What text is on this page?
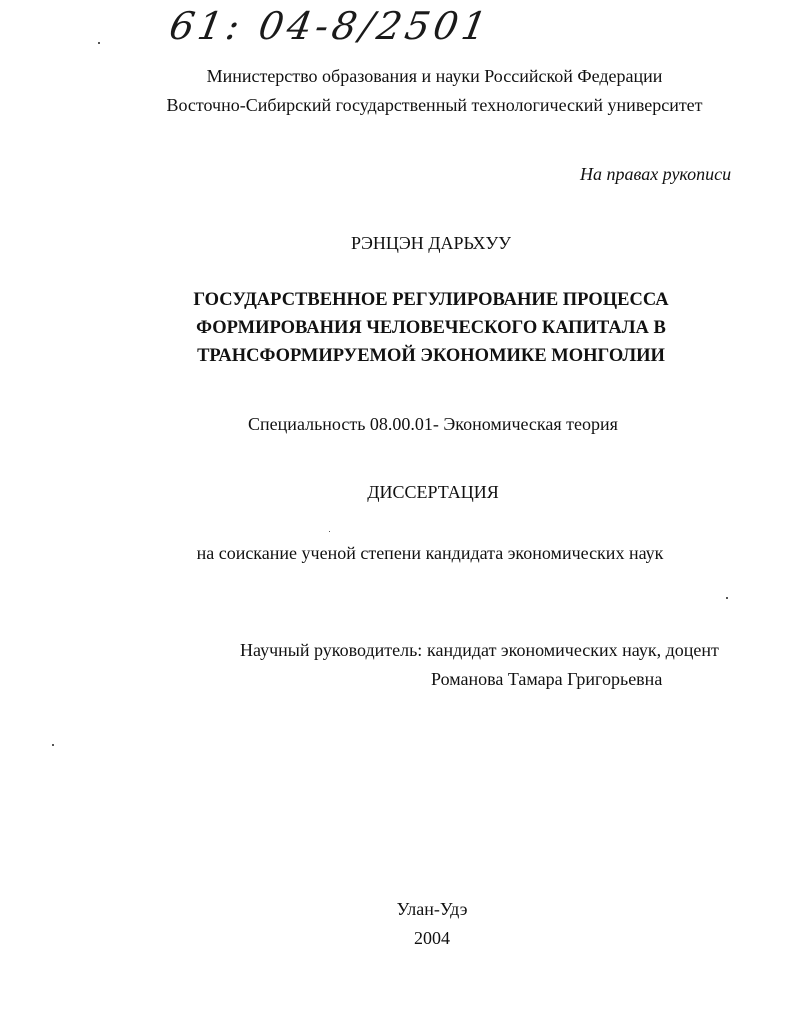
61: 04-8/2501
Министерство образования и науки Российской Федерации
Восточно-Сибирский государственный технологический университет
На правах рукописи
РЭНЦЭН ДАРЬХУУ
ГОСУДАРСТВЕННОЕ РЕГУЛИРОВАНИЕ ПРОЦЕССА
ФОРМИРОВАНИЯ ЧЕЛОВЕЧЕСКОГО КАПИТАЛА В
ТРАНСФОРМИРУЕМОЙ ЭКОНОМИКЕ МОНГОЛИИ
Специальность 08.00.01- Экономическая теория
ДИССЕРТАЦИЯ
на соискание ученой степени кандидата экономических наук
Научный руководитель: кандидат экономических наук, доцент
Романова Тамара Григорьевна
Улан-Удэ
2004
